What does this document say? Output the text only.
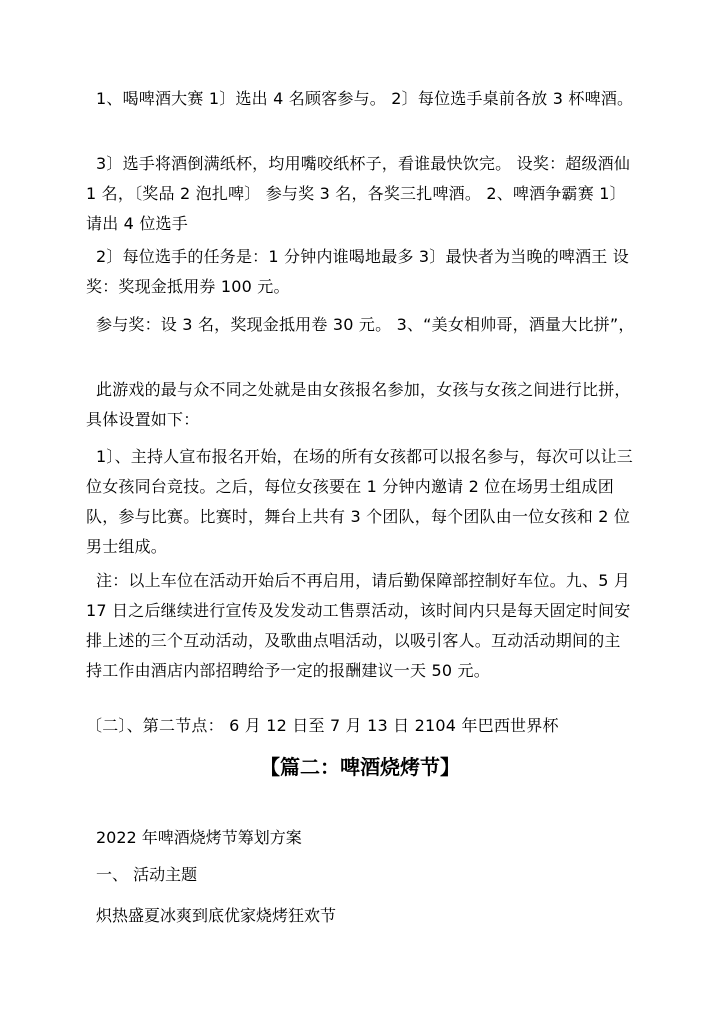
1、喝啤酒大赛 1〕选出 4 名顾客参与。 2〕每位选手桌前各放 3 杯啤酒。

3〕选手将酒倒满纸杯，均用嘴咬纸杯子，看谁最快饮完。 设奖：超级酒仙 1 名，〔奖品 2 泡扎啤〕 参与奖 3 名，各奖三扎啤酒。 2、啤酒争霸赛 1〕请出 4 位选手

2〕每位选手的任务是：1 分钟内谁喝地最多 3〕最快者为当晚的啤酒王 设奖：奖现金抵用券 100 元。

参与奖：设 3 名，奖现金抵用卷 30 元。 3、“美女相帅哥，酒量大比拼”，

此游戏的最与众不同之处就是由女孩报名参加，女孩与女孩之间进行比拼，具体设置如下：

1〕、主持人宣布报名开始，在场的所有女孩都可以报名参与，每次可以让三位女孩同台竞技。之后，每位女孩要在 1 分钟内邀请 2 位在场男士组成团队，参与比赛。比赛时，舞台上共有 3 个团队，每个团队由一位女孩和 2 位男士组成。

注：以上车位在活动开始后不再启用，请后勤保障部控制好车位。九、5 月 17 日之后继续进行宣传及发发动工售票活动，该时间内只是每天固定时间安排上述的三个互动活动，及歌曲点唱活动，以吸引客人。互动活动期间的主持工作由酒店内部招聘给予一定的报酬建议一天 50 元。

〔二〕、第二节点： 6 月 12 日至 7 月 13 日 2104 年巴西世界杯

【篇二：啤酒烧烤节】

2022 年啤酒烧烤节筹划方案

一、 活动主题

炽热盛夏冰爽到底优家烧烤狂欢节
